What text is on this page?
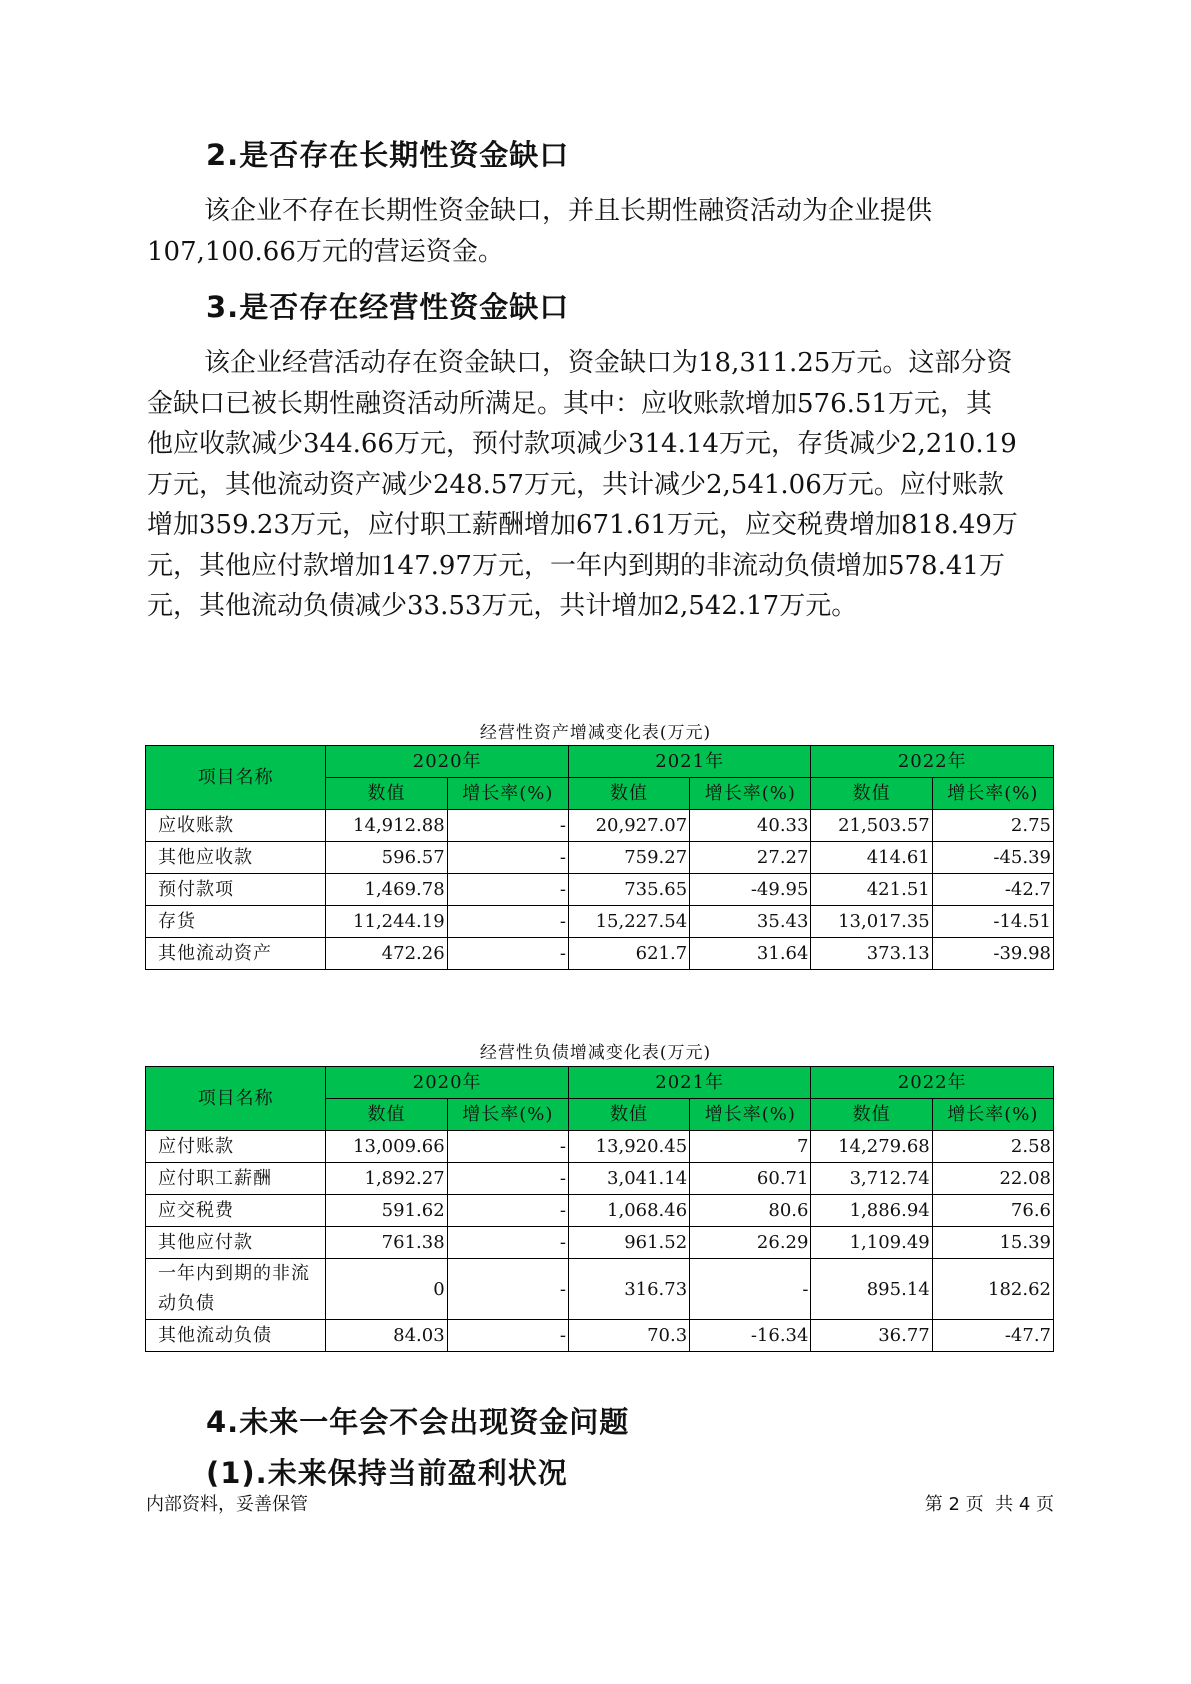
2.是否存在长期性资金缺口

该企业不存在长期性资金缺口，并且长期性融资活动为企业提供

107,100.66万元的营运资金。

3.是否存在经营性资金缺口

该企业经营活动存在资金缺口，资金缺口为18,311.25万元。这部分资

金缺口已被长期性融资活动所满足。其中：应收账款增加576.51万元，其

他应收款减少344.66万元，预付款项减少314.14万元，存货减少2,210.19

万元，其他流动资产减少248.57万元，共计减少2,541.06万元。应付账款

增加359.23万元，应付职工薪酬增加671.61万元，应交税费增加818.49万

元，其他应付款增加147.97万元，一年内到期的非流动负债增加578.41万

元，其他流动负债减少33.53万元，共计增加2,542.17万元。

经营性资产增减变化表(万元)
项目名称	2020年		2021年		2022年	
	数值	增长率(%)	数值	增长率(%)	数值	增长率(%)
应收账款	14,912.88	-	20,927.07	40.33	21,503.57	2.75
其他应收款	596.57	-	759.27	27.27	414.61	-45.39
预付款项	1,469.78	-	735.65	-49.95	421.51	-42.7
存货	11,244.19	-	15,227.54	35.43	13,017.35	-14.51
其他流动资产	472.26	-	621.7	31.64	373.13	-39.98
经营性负债增减变化表(万元)
项目名称	2020年		2021年		2022年	
	数值	增长率(%)	数值	增长率(%)	数值	增长率(%)
应付账款	13,009.66	-	13,920.45	7	14,279.68	2.58
应付职工薪酬	1,892.27	-	3,041.14	60.71	3,712.74	22.08
应交税费	591.62	-	1,068.46	80.6	1,886.94	76.6
其他应付款	761.38	-	961.52	26.29	1,109.49	15.39
一年内到期的非流动负债	0	-	316.73	-	895.14	182.62
其他流动负债	84.03	-	70.3	-16.34	36.77	-47.7
4.未来一年会不会出现资金问题
(1).未来保持当前盈利状况
内部资料，妥善保管	第 2 页  共 4 页
